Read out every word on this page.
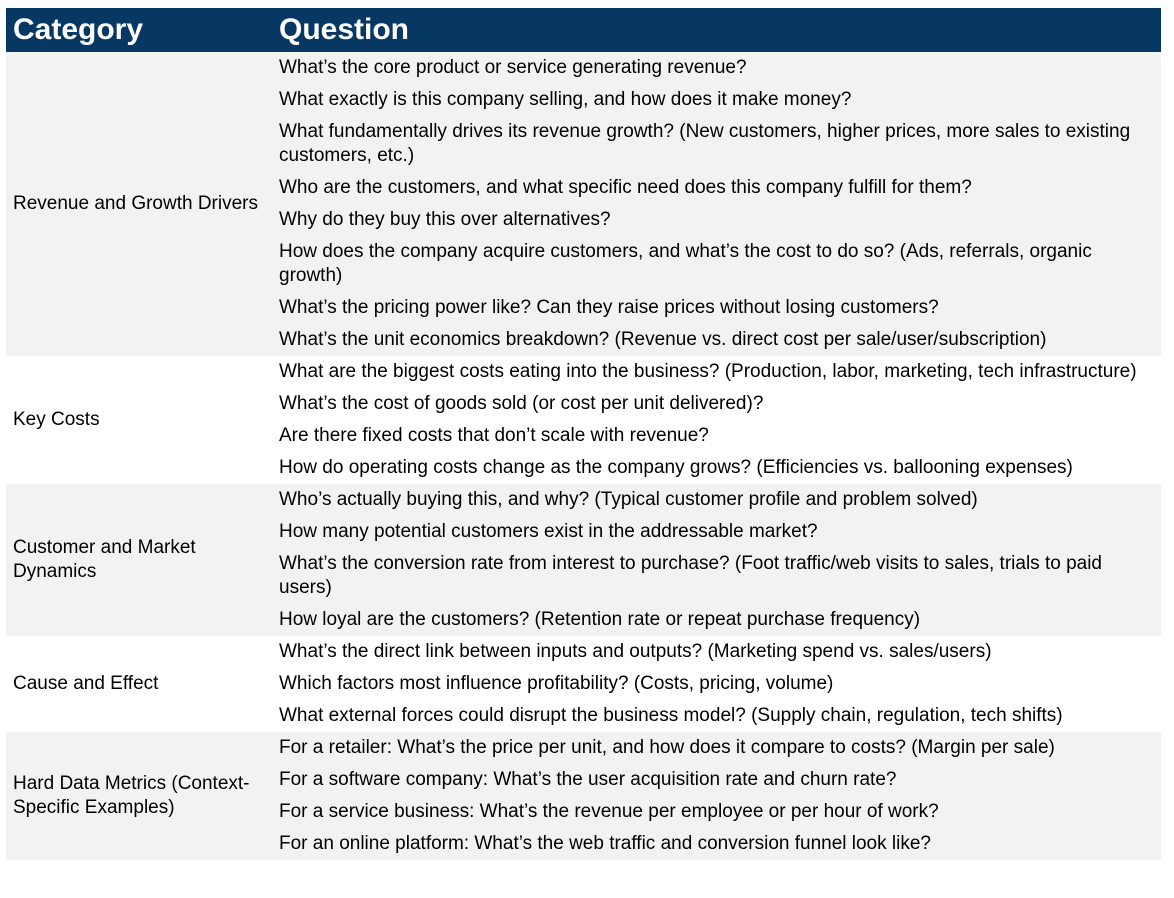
Category	Question
Revenue and Growth Drivers	What’s the core product or service generating revenue?
	What exactly is this company selling, and how does it make money?
	What fundamentally drives its revenue growth? (New customers, higher prices, more sales to existing customers, etc.)
	Who are the customers, and what specific need does this company fulfill for them?
	Why do they buy this over alternatives?
	How does the company acquire customers, and what’s the cost to do so? (Ads, referrals, organic growth)
	What’s the pricing power like? Can they raise prices without losing customers?
	What’s the unit economics breakdown? (Revenue vs. direct cost per sale/user/subscription)
Key Costs	What are the biggest costs eating into the business? (Production, labor, marketing, tech infrastructure)
	What’s the cost of goods sold (or cost per unit delivered)?
	Are there fixed costs that don’t scale with revenue?
	How do operating costs change as the company grows? (Efficiencies vs. ballooning expenses)
Customer and Market Dynamics	Who’s actually buying this, and why? (Typical customer profile and problem solved)
	How many potential customers exist in the addressable market?
	What’s the conversion rate from interest to purchase? (Foot traffic/web visits to sales, trials to paid users)
	How loyal are the customers? (Retention rate or repeat purchase frequency)
Cause and Effect	What’s the direct link between inputs and outputs? (Marketing spend vs. sales/users)
	Which factors most influence profitability? (Costs, pricing, volume)
	What external forces could disrupt the business model? (Supply chain, regulation, tech shifts)
Hard Data Metrics (Context-Specific Examples)	For a retailer: What’s the price per unit, and how does it compare to costs? (Margin per sale)
	For a software company: What’s the user acquisition rate and churn rate?
	For a service business: What’s the revenue per employee or per hour of work?
	For an online platform: What’s the web traffic and conversion funnel look like?
